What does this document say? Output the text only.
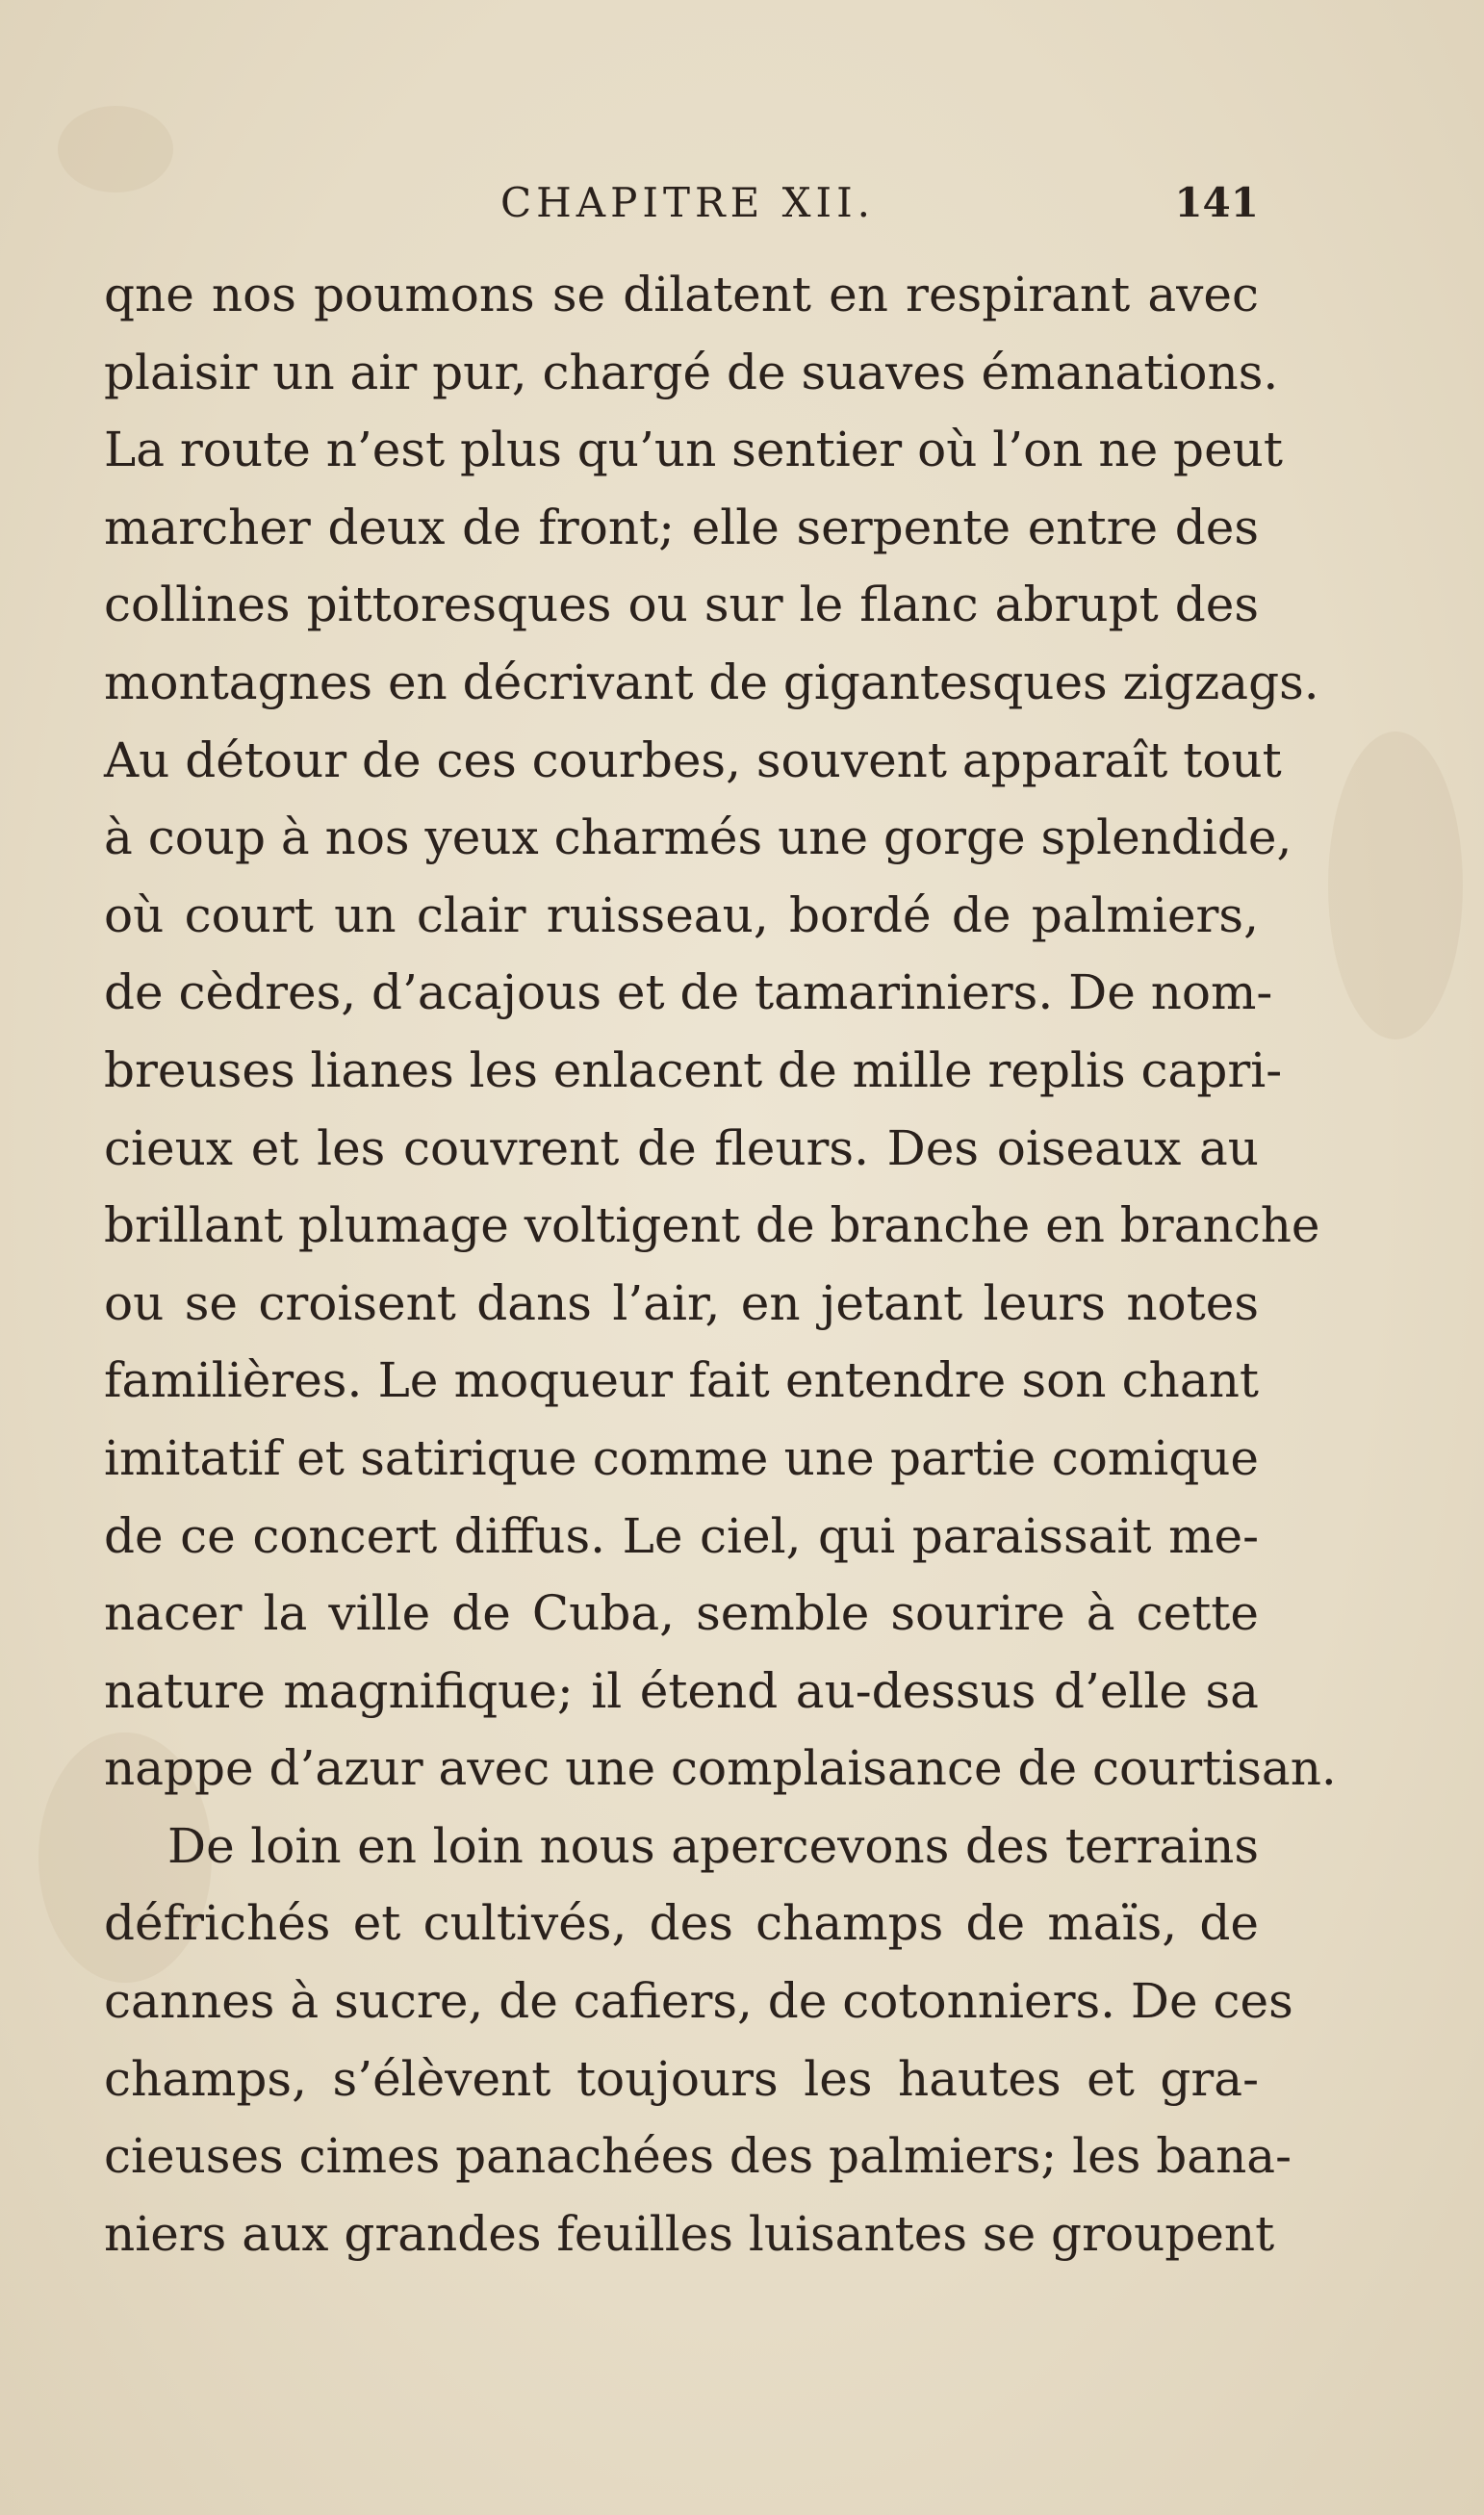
CHAPITRE XII.	141
qne nos poumons se dilatent en respirant avec
plaisir un air pur, chargé de suaves émanations.
La route n’est plus qu’un sentier où l’on ne peut
marcher deux de front; elle serpente entre des
collines pittoresques ou sur le flanc abrupt des
montagnes en décrivant de gigantesques zigzags.
Au détour de ces courbes, souvent apparaît tout
à coup à nos yeux charmés une gorge splendide,
où court un clair ruisseau, bordé de palmiers,
de cèdres, d’acajous et de tamariniers. De nom-
breuses lianes les enlacent de mille replis capri-
cieux et les couvrent de fleurs. Des oiseaux au
brillant plumage voltigent de branche en branche
ou se croisent dans l’air, en jetant leurs notes
familières. Le moqueur fait entendre son chant
imitatif et satirique comme une partie comique
de ce concert diffus. Le ciel, qui paraissait me-
nacer la ville de Cuba, semble sourire à cette
nature magnifique; il étend au-dessus d’elle sa
nappe d’azur avec une complaisance de courtisan.
De loin en loin nous apercevons des terrains
défrichés et cultivés, des champs de maïs, de
cannes à sucre, de cafiers, de cotonniers. De ces
champs, s’élèvent toujours les hautes et gra-
cieuses cimes panachées des palmiers; les bana-
niers aux grandes feuilles luisantes se groupent
